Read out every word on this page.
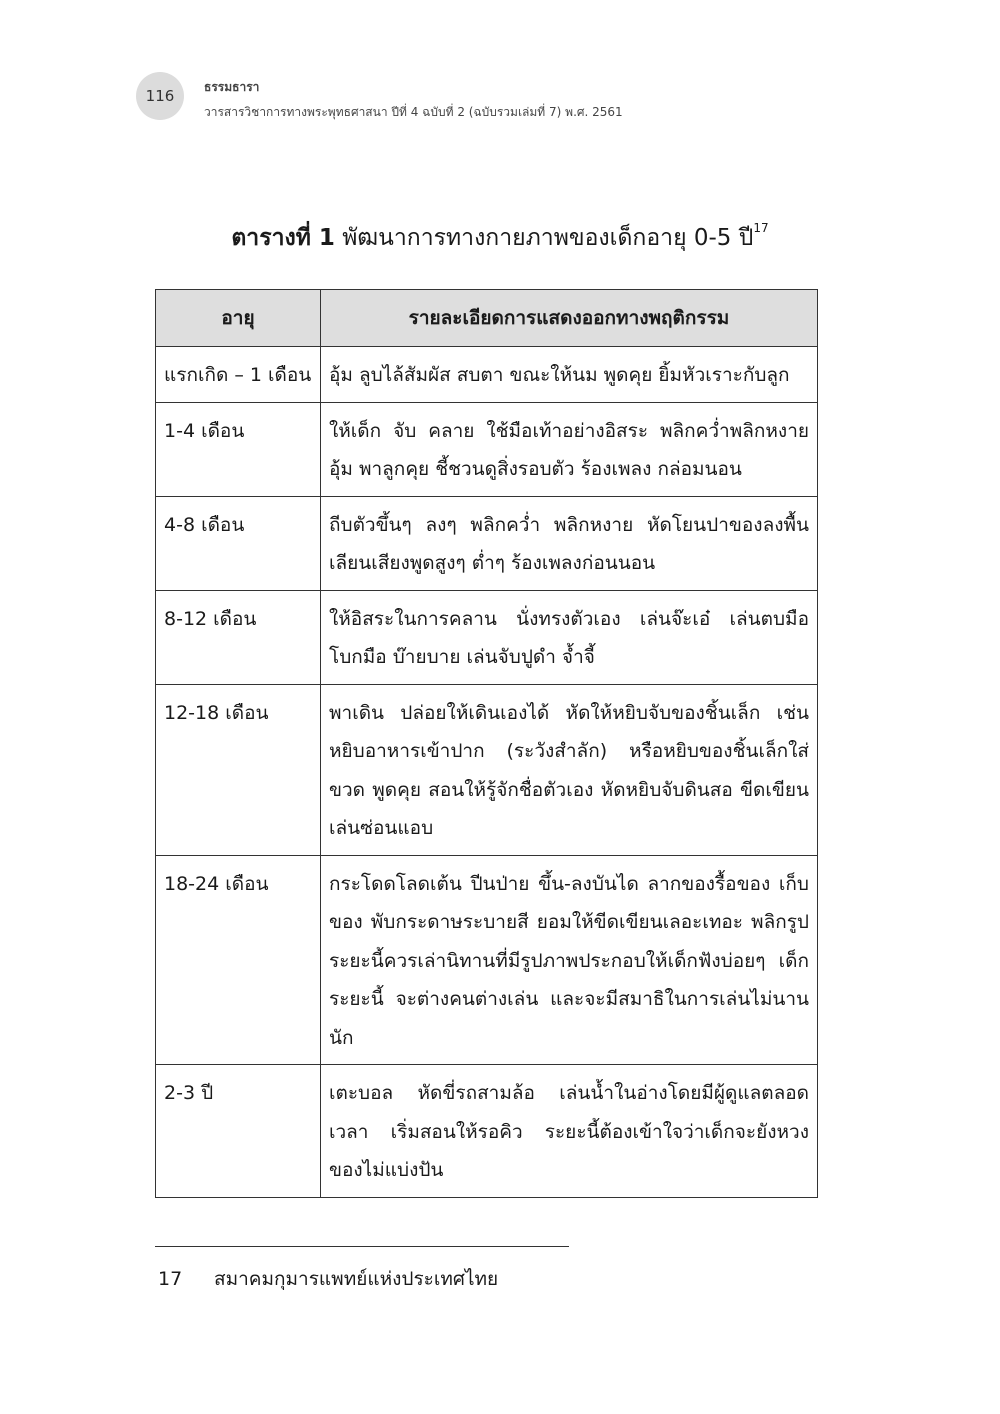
116	ธรรมธารา
วารสารวิชาการทางพระพุทธศาสนา ปีที่ 4 ฉบับที่ 2 (ฉบับรวมเล่มที่ 7) พ.ศ. 2561
ตารางที่ 1 พัฒนาการทางกายภาพของเด็กอายุ 0-5 ปี$^{17}$
อายุ	รายละเอียดการแสดงออกทางพฤติกรรม
แรกเกิด – 1 เดือน	อุ้ม ลูบไล้สัมผัส สบตา ขณะให้นม พูดคุย ยิ้มหัวเราะกับลูก
1-4 เดือน	ให้เด็ก จับ คลาย ใช้มือเท้าอย่างอิสระ พลิกคว่ำพลิกหงาย อุ้ม พาลูกคุย ชี้ชวนดูสิ่งรอบตัว ร้องเพลง กล่อมนอน
4-8 เดือน	ถีบตัวขึ้นๆ ลงๆ พลิกคว่ำ พลิกหงาย หัดโยนปาของลงพื้น เลียนเสียงพูดสูงๆ ต่ำๆ ร้องเพลงก่อนนอน
8-12 เดือน	ให้อิสระในการคลาน นั่งทรงตัวเอง เล่นจ๊ะเอ๋ เล่นตบมือ โบกมือ บ๊ายบาย เล่นจับปูดำ จ้ำจี้
12-18 เดือน	พาเดิน ปล่อยให้เดินเองได้ หัดให้หยิบจับของชิ้นเล็ก เช่น หยิบอาหารเข้าปาก (ระวังสำลัก) หรือหยิบของชิ้นเล็กใส่ขวด พูดคุย สอนให้รู้จักชื่อตัวเอง หัดหยิบจับดินสอ ขีดเขียน เล่นซ่อนแอบ
18-24 เดือน	กระโดดโลดเต้น ปีนป่าย ขึ้น-ลงบันได ลากของรื้อของ เก็บของ พับกระดาษระบายสี ยอมให้ขีดเขียนเลอะเทอะ พลิกรูป ระยะนี้ควรเล่านิทานที่มีรูปภาพประกอบให้เด็กฟังบ่อยๆ เด็กระยะนี้ จะต่างคนต่างเล่น และจะมีสมาธิในการเล่นไม่นานนัก
2-3 ปี	เตะบอล หัดขี่รถสามล้อ เล่นน้ำในอ่างโดยมีผู้ดูแลตลอดเวลา เริ่มสอนให้รอคิว ระยะนี้ต้องเข้าใจว่าเด็กจะยังหวงของไม่แบ่งปัน
17 สมาคมกุมารแพทย์แห่งประเทศไทย
